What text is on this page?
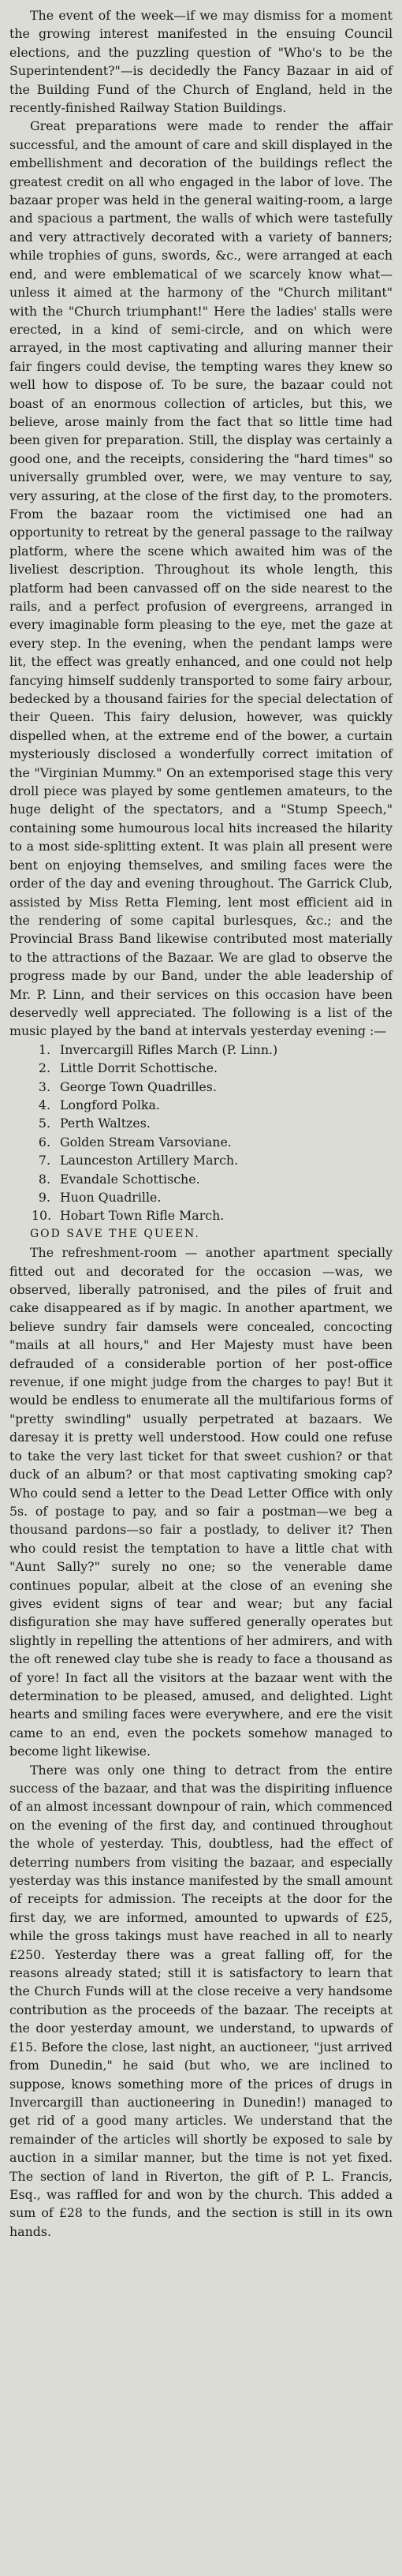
The event of the week—if we may dismiss for a moment the growing interest manifested in the ensuing Council elections, and the puzzling question of "Who's to be the Superintendent?"—is decidedly the Fancy Bazaar in aid of the Building Fund of the Church of England, held in the recently-finished Railway Station Buildings.

Great preparations were made to render the affair successful, and the amount of care and skill displayed in the embellishment and decoration of the buildings reflect the greatest credit on all who engaged in the labor of love. The bazaar proper was held in the general waiting-room, a large and spacious a partment, the walls of which were tastefully and very attractively decorated with a variety of banners; while trophies of guns, swords, &c., were arranged at each end, and were emblematical of we scarcely know what—unless it aimed at the harmony of the "Church militant" with the "Church triumphant!" Here the ladies' stalls were erected, in a kind of semi-circle, and on which were arrayed, in the most captivating and alluring manner their fair fingers could devise, the tempting wares they knew so well how to dispose of. To be sure, the bazaar could not boast of an enormous collection of articles, but this, we believe, arose mainly from the fact that so little time had been given for preparation. Still, the display was certainly a good one, and the receipts, considering the "hard times" so universally grumbled over, were, we may venture to say, very assuring, at the close of the first day, to the promoters. From the bazaar room the victimised one had an opportunity to retreat by the general passage to the railway platform, where the scene which awaited him was of the liveliest description. Throughout its whole length, this platform had been canvassed off on the side nearest to the rails, and a perfect profusion of evergreens, arranged in every imaginable form pleasing to the eye, met the gaze at every step. In the evening, when the pendant lamps were lit, the effect was greatly enhanced, and one could not help fancying himself suddenly transported to some fairy arbour, bedecked by a thousand fairies for the special delectation of their Queen. This fairy delusion, however, was quickly dispelled when, at the extreme end of the bower, a curtain mysteriously disclosed a wonderfully correct imitation of the "Virginian Mummy." On an extemporised stage this very droll piece was played by some gentlemen amateurs, to the huge delight of the spectators, and a "Stump Speech," containing some humourous local hits increased the hilarity to a most side-splitting extent. It was plain all present were bent on enjoying themselves, and smiling faces were the order of the day and evening throughout. The Garrick Club, assisted by Miss Retta Fleming, lent most efficient aid in the rendering of some capital burlesques, &c.; and the Provincial Brass Band likewise contributed most materially to the attractions of the Bazaar. We are glad to observe the progress made by our Band, under the able leadership of Mr. P. Linn, and their services on this occasion have been deservedly well appreciated. The following is a list of the music played by the band at intervals yesterday evening :—

1. Invercargill Rifles March (P. Linn.)
2. Little Dorrit Schottische.
3. George Town Quadrilles.
4. Longford Polka.
5. Perth Waltzes.
6. Golden Stream Varsoviane.
7. Launceston Artillery March.
8. Evandale Schottische.
9. Huon Quadrille.
10. Hobart Town Rifle March.

GOD SAVE THE QUEEN.

The refreshment-room — another apartment specially fitted out and decorated for the occasion —was, we observed, liberally patronised, and the piles of fruit and cake disappeared as if by magic. In another apartment, we believe sundry fair damsels were concealed, concocting "mails at all hours," and Her Majesty must have been defrauded of a considerable portion of her post-office revenue, if one might judge from the charges to pay! But it would be endless to enumerate all the multifarious forms of "pretty swindling" usually perpetrated at bazaars. We daresay it is pretty well understood. How could one refuse to take the very last ticket for that sweet cushion? or that duck of an album? or that most captivating smoking cap? Who could send a letter to the Dead Letter Office with only 5s. of postage to pay, and so fair a postman—we beg a thousand pardons—so fair a postlady, to deliver it? Then who could resist the temptation to have a little chat with "Aunt Sally?" surely no one; so the venerable dame continues popular, albeit at the close of an evening she gives evident signs of tear and wear; but any facial disfiguration she may have suffered generally operates but slightly in repelling the attentions of her admirers, and with the oft renewed clay tube she is ready to face a thousand as of yore! In fact all the visitors at the bazaar went with the determination to be pleased, amused, and delighted. Light hearts and smiling faces were everywhere, and ere the visit came to an end, even the pockets somehow managed to become light likewise.

There was only one thing to detract from the entire success of the bazaar, and that was the dispiriting influence of an almost incessant downpour of rain, which commenced on the evening of the first day, and continued throughout the whole of yesterday. This, doubtless, had the effect of deterring numbers from visiting the bazaar, and especially yesterday was this instance manifested by the small amount of receipts for admission. The receipts at the door for the first day, we are informed, amounted to upwards of £25, while the gross takings must have reached in all to nearly £250. Yesterday there was a great falling off, for the reasons already stated; still it is satisfactory to learn that the Church Funds will at the close receive a very handsome contribution as the proceeds of the bazaar. The receipts at the door yesterday amount, we understand, to upwards of £15. Before the close, last night, an auctioneer, "just arrived from Dunedin," he said (but who, we are inclined to suppose, knows something more of the prices of drugs in Invercargill than auctioneering in Dunedin!) managed to get rid of a good many articles. We understand that the remainder of the articles will shortly be exposed to sale by auction in a similar manner, but the time is not yet fixed. The section of land in Riverton, the gift of P. L. Francis, Esq., was raffled for and won by the church. This added a sum of £28 to the funds, and the section is still in its own hands.
